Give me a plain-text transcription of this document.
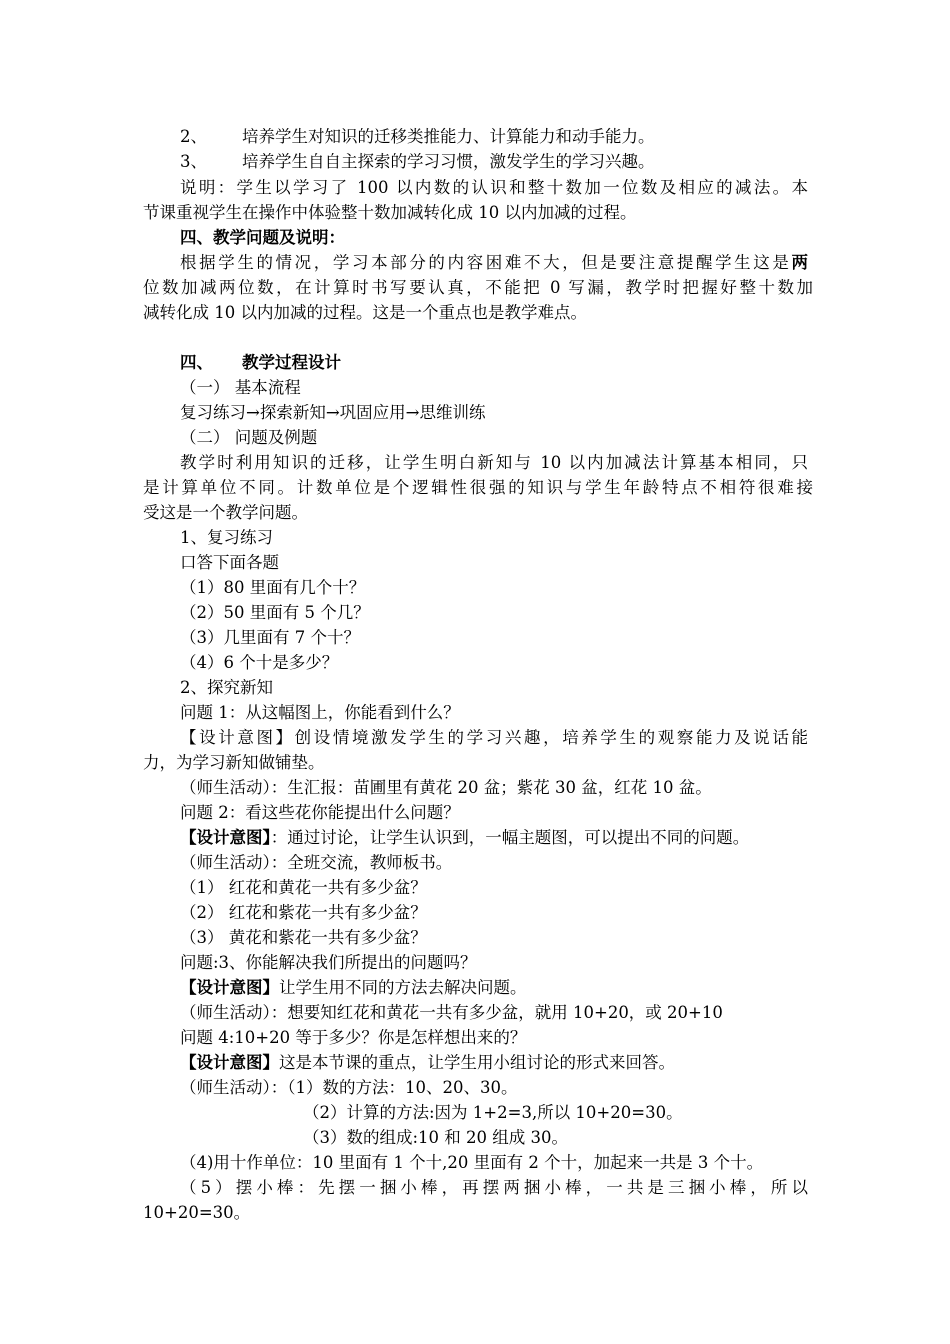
2、 培养学生对知识的迁移类推能力、计算能力和动手能力。
3、 培养学生自自主探索的学习习惯，激发学生的学习兴趣。
说明：学生以学习了 100 以内数的认识和整十数加一位数及相应的减法。本
节课重视学生在操作中体验整十数加减转化成 10 以内加减的过程。
四、教学问题及说明：
根据学生的情况，学习本部分的内容困难不大，但是要注意提醒学生这是两
位数加减两位数，在计算时书写要认真，不能把 0 写漏，教学时把握好整十数加
减转化成 10 以内加减的过程。这是一个重点也是教学难点。
四、 教学过程设计
（一） 基本流程
复习练习→探索新知→巩固应用→思维训练
（二） 问题及例题
教学时利用知识的迁移，让学生明白新知与 10 以内加减法计算基本相同，只
是计算单位不同。计数单位是个逻辑性很强的知识与学生年龄特点不相符很难接
受这是一个教学问题。
1、复习练习
口答下面各题
（1）80 里面有几个十？
（2）50 里面有 5 个几？
（3）几里面有 7 个十？
（4）6 个十是多少？
2、探究新知
问题 1：从这幅图上，你能看到什么？
【设计意图】创设情境激发学生的学习兴趣，培养学生的观察能力及说话能
力，为学习新知做铺垫。
（师生活动）：生汇报：苗圃里有黄花 20 盆；紫花 30 盆，红花 10 盆。
问题 2：看这些花你能提出什么问题？
【设计意图】：通过讨论，让学生认识到，一幅主题图，可以提出不同的问题。
（师生活动）：全班交流，教师板书。
（1） 红花和黄花一共有多少盆？
（2） 红花和紫花一共有多少盆？
（3） 黄花和紫花一共有多少盆？
问题:3、你能解决我们所提出的问题吗？
【设计意图】让学生用不同的方法去解决问题。
（师生活动）：想要知红花和黄花一共有多少盆，就用 10+20，或 20+10
问题 4:10+20 等于多少？你是怎样想出来的？
【设计意图】这是本节课的重点，让学生用小组讨论的形式来回答。
（师生活动）：（1）数的方法：10、20、30。
（2）计算的方法:因为 1+2=3,所以 10+20=30。
（3）数的组成:10 和 20 组成 30。
（4)用十作单位：10 里面有 1 个十,20 里面有 2 个十，加起来一共是 3 个十。
（5）摆小棒：先摆一捆小棒，再摆两捆小棒，一共是三捆小棒，所以
10+20=30。
